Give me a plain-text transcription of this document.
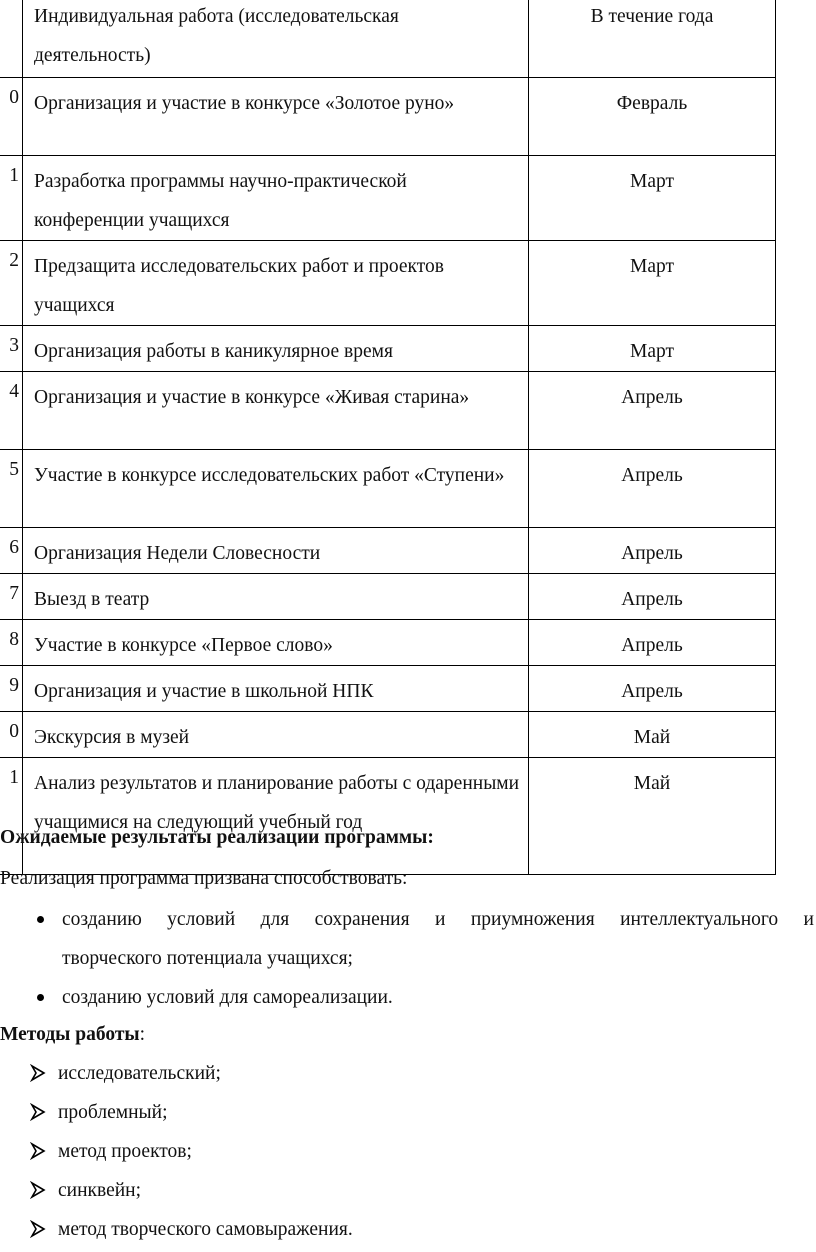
	Индивидуальная работа (исследовательская деятельность)	В течение года
0	Организация и участие в конкурсе «Золотое руно»	Февраль
1	Разработка программы научно-практической конференции учащихся	Март
2	Предзащита исследовательских работ и проектов учащихся	Март
3	Организация работы в каникулярное время	Март
4	Организация и участие в конкурсе «Живая старина»	Апрель
5	Участие в конкурсе исследовательских работ «Ступени»	Апрель
6	Организация Недели Словесности	Апрель
7	Выезд в театр	Апрель
8	Участие в конкурсе «Первое слово»	Апрель
9	Организация и участие в школьной НПК	Апрель
0	Экскурсия в музей	Май
1	Анализ результатов и планирование работы с одаренными учащимися на следующий учебный год	Май
Ожидаемые результаты реализации программы:
Реализация программа призвана способствовать:
созданию условий для сохранения и приумножения интеллектуального и
творческого потенциала учащихся;
созданию условий для самореализации.
Методы работы:
исследовательский;
проблемный;
метод проектов;
синквейн;
метод творческого самовыражения.
